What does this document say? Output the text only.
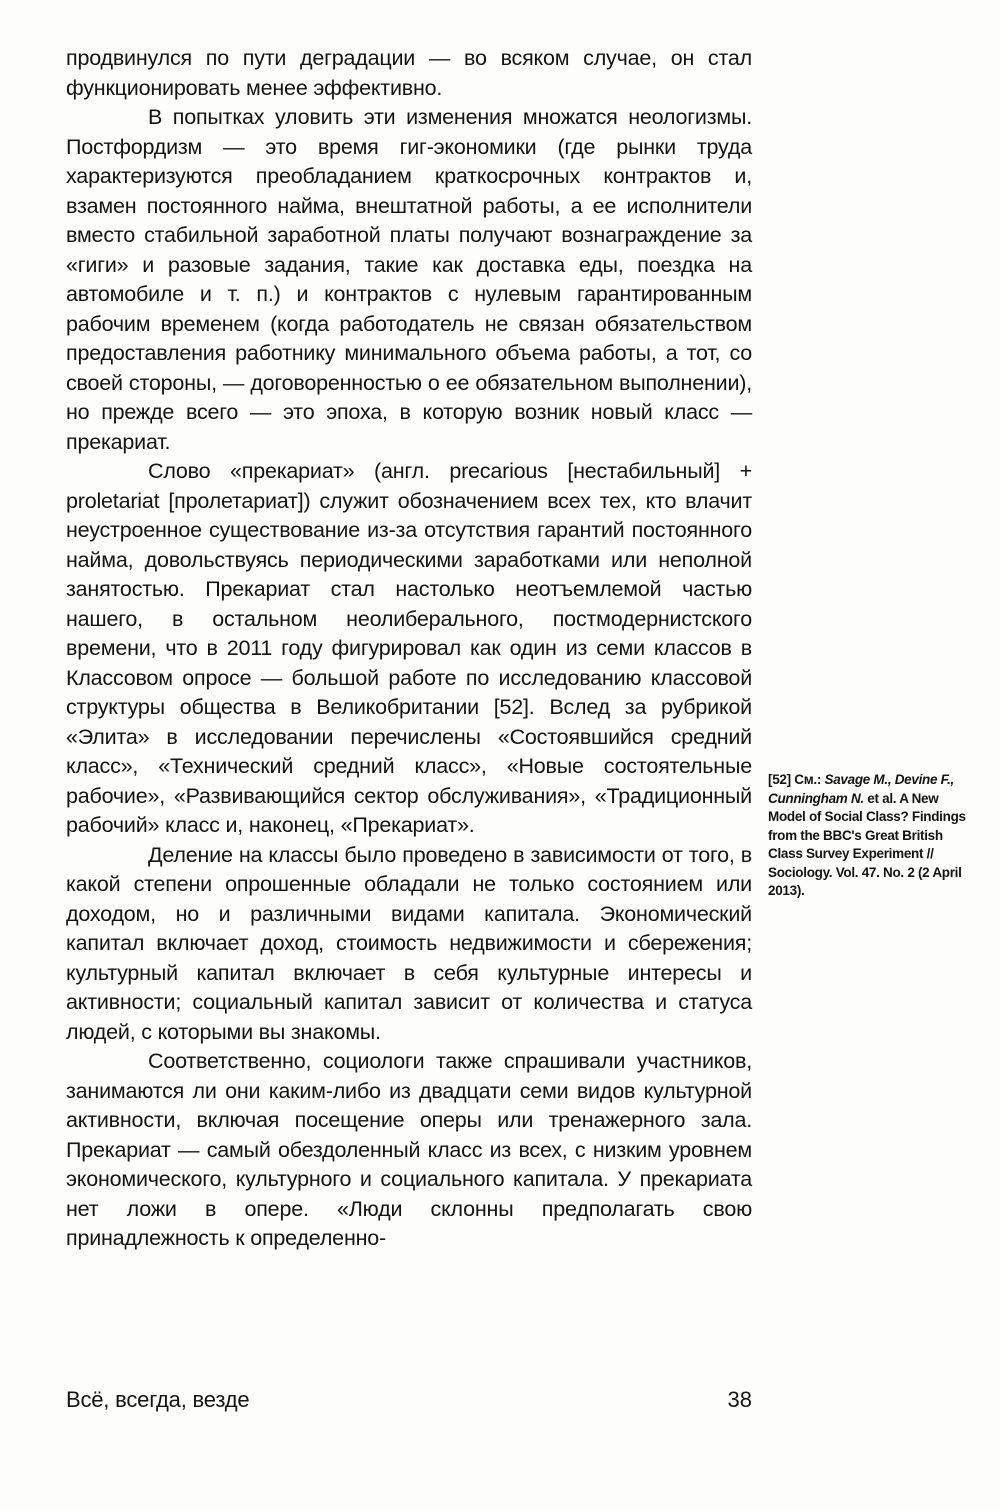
продвинулся по пути деградации — во всяком случае, он стал функционировать менее эффективно.

В попытках уловить эти изменения множатся неологизмы. Постфордизм — это время гиг-экономики (где рынки труда характеризуются преобладанием краткосрочных контрактов и, взамен постоянного найма, внештатной работы, а ее исполнители вместо стабильной заработной платы получают вознаграждение за «гиги» и разовые задания, такие как доставка еды, поездка на автомобиле и т. п.) и контрактов с нулевым гарантированным рабочим временем (когда работодатель не связан обязательством предоставления работнику минимального объема работы, а тот, со своей стороны, — договоренностью о ее обязательном выполнении), но прежде всего — это эпоха, в которую возник новый класс — прекариат.

Слово «прекариат» (англ. precarious [нестабильный] + proletariat [пролетариат]) служит обозначением всех тех, кто влачит неустроенное существование из-за отсутствия гарантий постоянного найма, довольствуясь периодическими заработками или неполной занятостью. Прекариат стал настолько неотъемлемой частью нашего, в остальном неолиберального, постмодернистского времени, что в 2011 году фигурировал как один из семи классов в Классовом опросе — большой работе по исследованию классовой структуры общества в Великобритании [52]. Вслед за рубрикой «Элита» в исследовании перечислены «Состоявшийся средний класс», «Технический средний класс», «Новые состоятельные рабочие», «Развивающийся сектор обслуживания», «Традиционный рабочий» класс и, наконец, «Прекариат».

Деление на классы было проведено в зависимости от того, в какой степени опрошенные обладали не только состоянием или доходом, но и различными видами капитала. Экономический капитал включает доход, стоимость недвижимости и сбережения; культурный капитал включает в себя культурные интересы и активности; социальный капитал зависит от количества и статуса людей, с которыми вы знакомы.

Соответственно, социологи также спрашивали участников, занимаются ли они каким-либо из двадцати семи видов культурной активности, включая посещение оперы или тренажерного зала. Прекариат — самый обездоленный класс из всех, с низким уровнем экономического, культурного и социального капитала. У прекариата нет ложи в опере. «Люди склонны предполагать свою принадлежность к определенно-

[52] См.: Savage M., Devine F., Cunningham N. et al. A New Model of Social Class? Findings from the BBC's Great British Class Survey Experiment // Sociology. Vol. 47. No. 2 (2 April 2013).
Всё, всегда, везде	38
